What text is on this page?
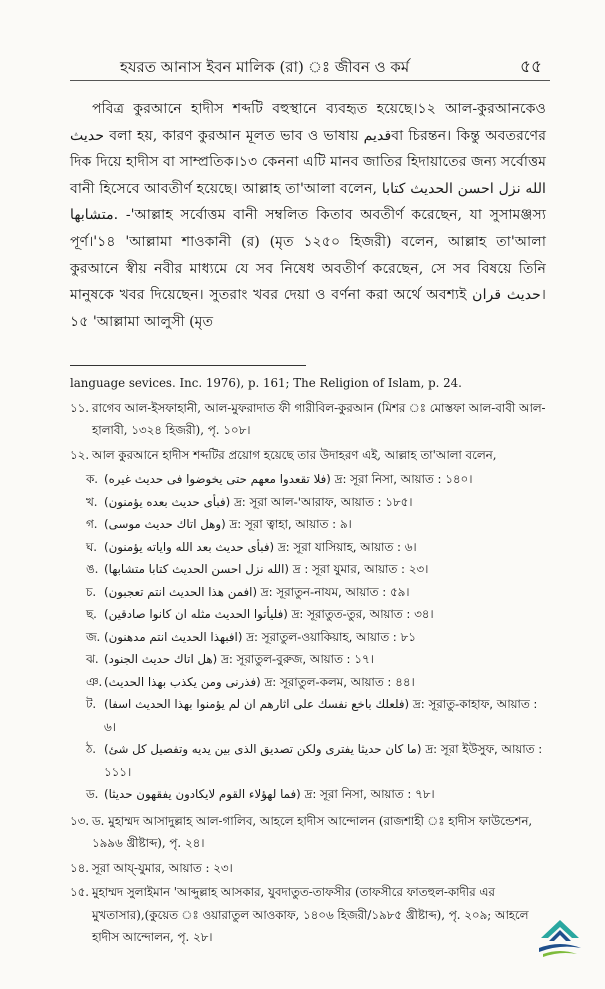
হযরত আনাস ইবন মালিক (রা) ঃ জীবন ও কর্ম	৫৫

পবিত্র কুরআনে হাদীস শব্দটি বহুস্থানে ব্যবহৃত হয়েছে।১২ আল-কুরআনকেও حديث বলা হয়, কারণ কুরআন মূলত ভাব ও ভাষায় قديمবা চিরন্তন। কিন্তু অবতরণের দিক দিয়ে হাদীস বা সাম্প্রতিক।১৩ কেননা এটি মানব জাতির হিদায়াতের জন্য সর্বোত্তম বানী হিসেবে আবতীর্ণ হয়েছে। আল্লাহ তা'আলা বলেন, الله نزل احسن الحديث كتابا متشابها. -'আল্লাহ সর্বোত্তম বানী সম্বলিত কিতাব অবতীর্ণ করেছেন, যা সুসামঞ্জস্য পূর্ণ।'১৪ 'আল্লামা শাওকানী (র) (মৃত ১২৫০ হিজরী) বলেন, আল্লাহ তা'আলা কুরআনে স্বীয় নবীর মাধ্যমে যে সব নিষেধ অবতীর্ণ করেছেন, সে সব বিষয়ে তিনি মানুষকে খবর দিয়েছেন। সুতরাং খবর দেয়া ও বর্ণনা করা অর্থে অবশ্যই حديث قران।১৫ 'আল্লামা আলুসী (মৃত

language sevices. Inc. 1976), p. 161; The Religion of Islam, p. 24.

১১. রাগেব আল-ইসফাহানী, আল-মুফরাদাত ফী গারীবিল-কুরআন (মিশর ঃ মোস্তফা আল-বাবী আল-হালাবী, ১৩২৪ হিজরী), পৃ. ১০৮।

১২. আল কুরআনে হাদীস শব্দটির প্রয়োগ হয়েছে তার উদাহরণ এই, আল্লাহ তা'আলা বলেন,

ক. (فلا تقعدوا معهم حتى يخوضوا فى حديث غيره) দ্র: সূরা নিসা, আয়াত : ১৪০।
খ. (فبأى حديث بعده يؤمنون) দ্র: সূরা আল-'আরাফ, আয়াত : ১৮৫।
গ. (وهل اتاك حديث موسى) দ্র: সূরা ত্বাহা, আয়াত : ৯।
ঘ. (فبأى حديث بعد الله واياته يؤمنون) দ্র: সূরা যাসিয়াহ, আয়াত : ৬।
ঙ. (الله نزل احسن الحديث كتابا متشابها) দ্র : সূরা যুমার, আয়াত : ২৩।
চ. (افمن هذا الحديث انتم تعجبون) দ্র: সূরাতুন-নাযম, আয়াত : ৫৯।
ছ. (فليأتوا الحديث مثله ان كانوا صادقين) দ্র: সূরাতুত-তুর, আয়াত : ৩৪।
জ. (افبهذا الحديث انتم مدهنون) দ্র: সূরাতুল-ওয়াকিয়াহ, আয়াত : ৮১
ঝ. (هل اتاك حديث الجنود) দ্র: সূরাতুল-বুরুজ, আয়াত : ১৭।
ঞ. (فذرنى ومن يكذب بهذا الحديث) দ্র: সূরাতুল-কলম, আয়াত : ৪৪।
ট. (فلعلك باخع نفسك على اثارهم ان لم يؤمنوا بهذا الحديث اسفا) দ্র: সূরাতু-কাহাফ, আয়াত : ৬।
ঠ. (ما كان حديثا يفترى ولكن تصديق الذى بين يديه وتفصيل كل شئ) দ্র: সূরা ইউসুফ, আয়াত : ১১১।
ড. (فما لهؤلاء القوم لايكادون يفقهون حديثا) দ্র: সূরা নিসা, আয়াত : ৭৮।

১৩. ড. মুহাম্মদ আসাদুল্লাহ আল-গালিব, আহলে হাদীস আন্দোলন (রাজশাহী ঃ হাদীস ফাউন্ডেশন, ১৯৯৬ খ্রীষ্টাব্দ), পৃ. ২৪।

১৪. সূরা আয্-যুমার, আয়াত : ২৩।

১৫. মুহাম্মদ সুলাইমান 'আব্দুল্লাহ আসকার, যুবদাতুত-তাফসীর (তাফসীরে ফাতহুল-কাদীর এর মুখতাসার),(কুয়েত ঃ ওয়ারাতুল আওকাফ, ১৪০৬ হিজরী/১৯৮৫ খ্রীষ্টাব্দ), পৃ. ২০৯; আহলে হাদীস আন্দোলন, পৃ. ২৮।
